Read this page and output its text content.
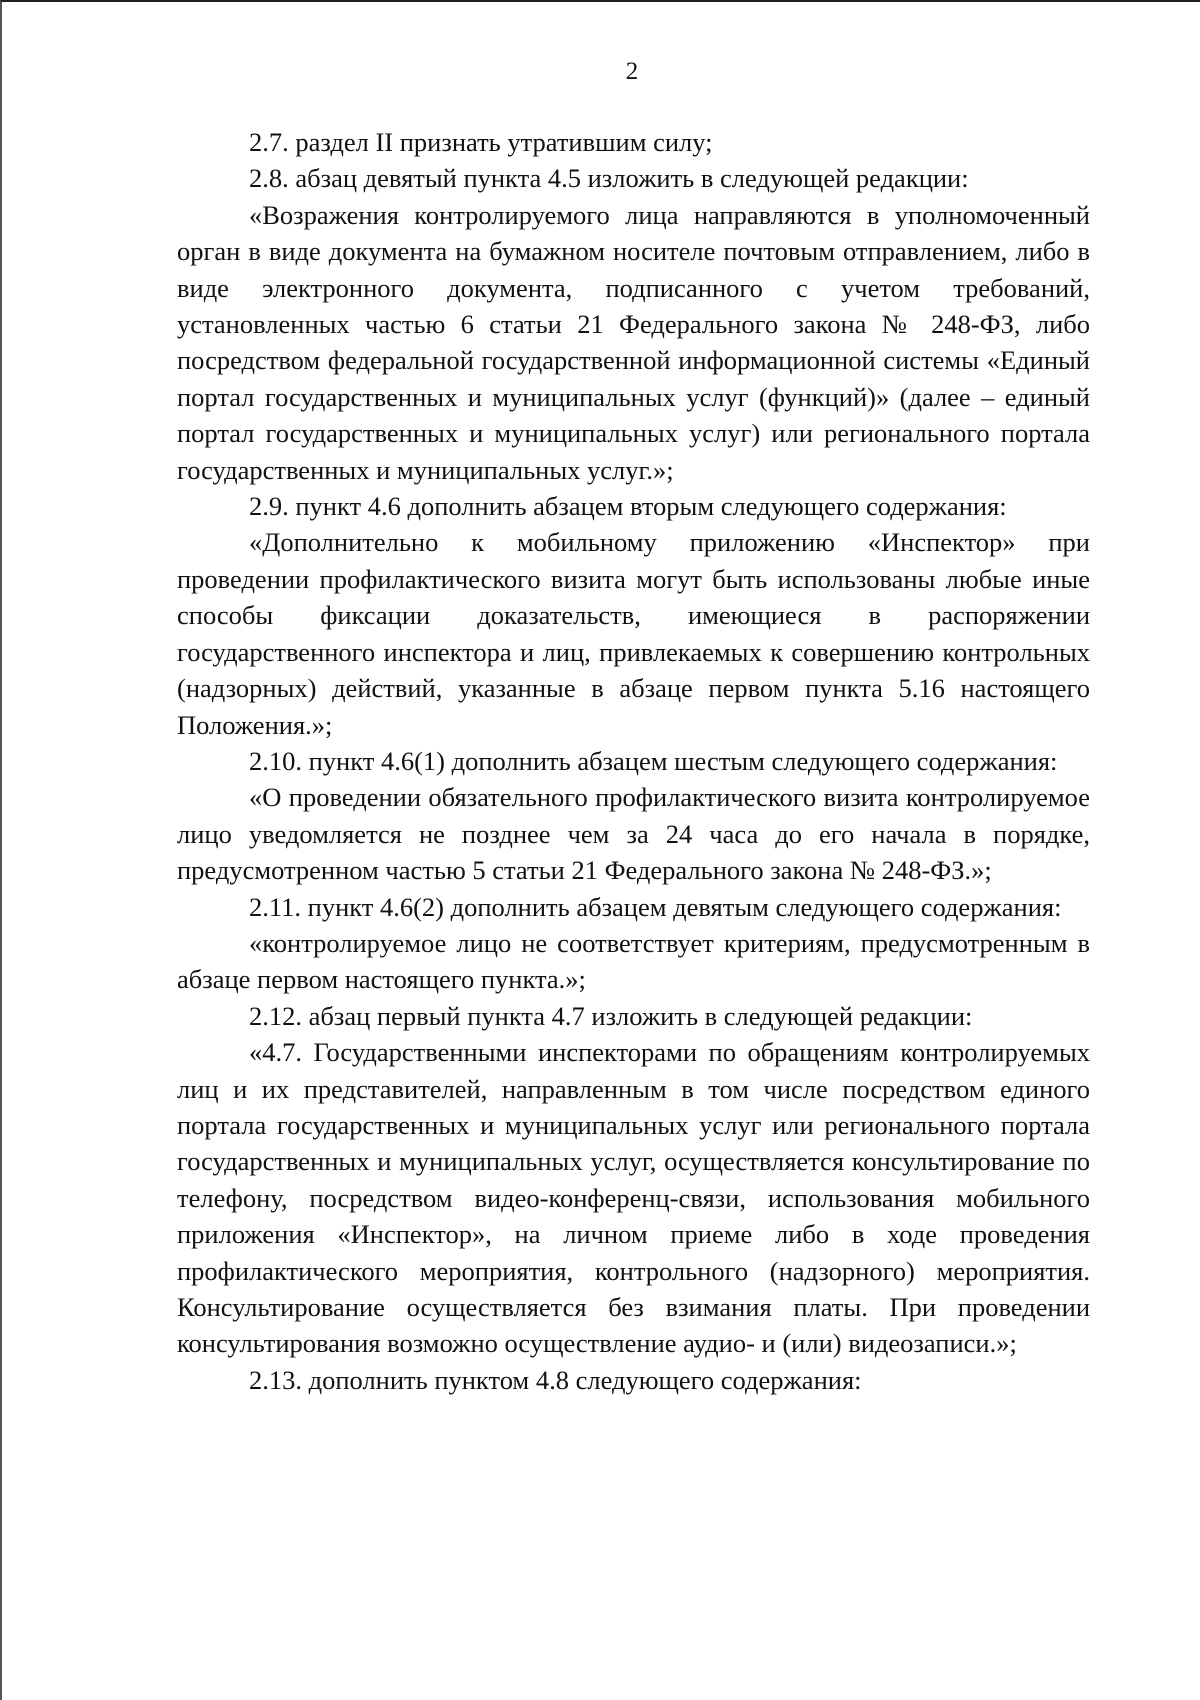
2

2.7. раздел II признать утратившим силу;

2.8. абзац девятый пункта 4.5 изложить в следующей редакции:

«Возражения контролируемого лица направляются в уполномоченный орган в виде документа на бумажном носителе почтовым отправлением, либо в виде электронного документа, подписанного с учетом требований, установленных частью 6 статьи 21 Федерального закона № 248-ФЗ, либо посредством федеральной государственной информационной системы «Единый портал государственных и муниципальных услуг (функций)» (далее – единый портал государственных и муниципальных услуг) или регионального портала государственных и муниципальных услуг.»;

2.9. пункт 4.6 дополнить абзацем вторым следующего содержания:

«Дополнительно к мобильному приложению «Инспектор» при проведении профилактического визита могут быть использованы любые иные способы фиксации доказательств, имеющиеся в распоряжении государственного инспектора и лиц, привлекаемых к совершению контрольных (надзорных) действий, указанные в абзаце первом пункта 5.16 настоящего Положения.»;

2.10. пункт 4.6(1) дополнить абзацем шестым следующего содержания:

«О проведении обязательного профилактического визита контролируемое лицо уведомляется не позднее чем за 24 часа до его начала в порядке, предусмотренном частью 5 статьи 21 Федерального закона № 248-ФЗ.»;

2.11. пункт 4.6(2) дополнить абзацем девятым следующего содержания:

«контролируемое лицо не соответствует критериям, предусмотренным в абзаце первом настоящего пункта.»;

2.12. абзац первый пункта 4.7 изложить в следующей редакции:

«4.7. Государственными инспекторами по обращениям контролируемых лиц и их представителей, направленным в том числе посредством единого портала государственных и муниципальных услуг или регионального портала государственных и муниципальных услуг, осуществляется консультирование по телефону, посредством видео-конференц-связи, использования мобильного приложения «Инспектор», на личном приеме либо в ходе проведения профилактического мероприятия, контрольного (надзорного) мероприятия. Консультирование осуществляется без взимания платы. При проведении консультирования возможно осуществление аудио- и (или) видеозаписи.»;

2.13. дополнить пунктом 4.8 следующего содержания:
